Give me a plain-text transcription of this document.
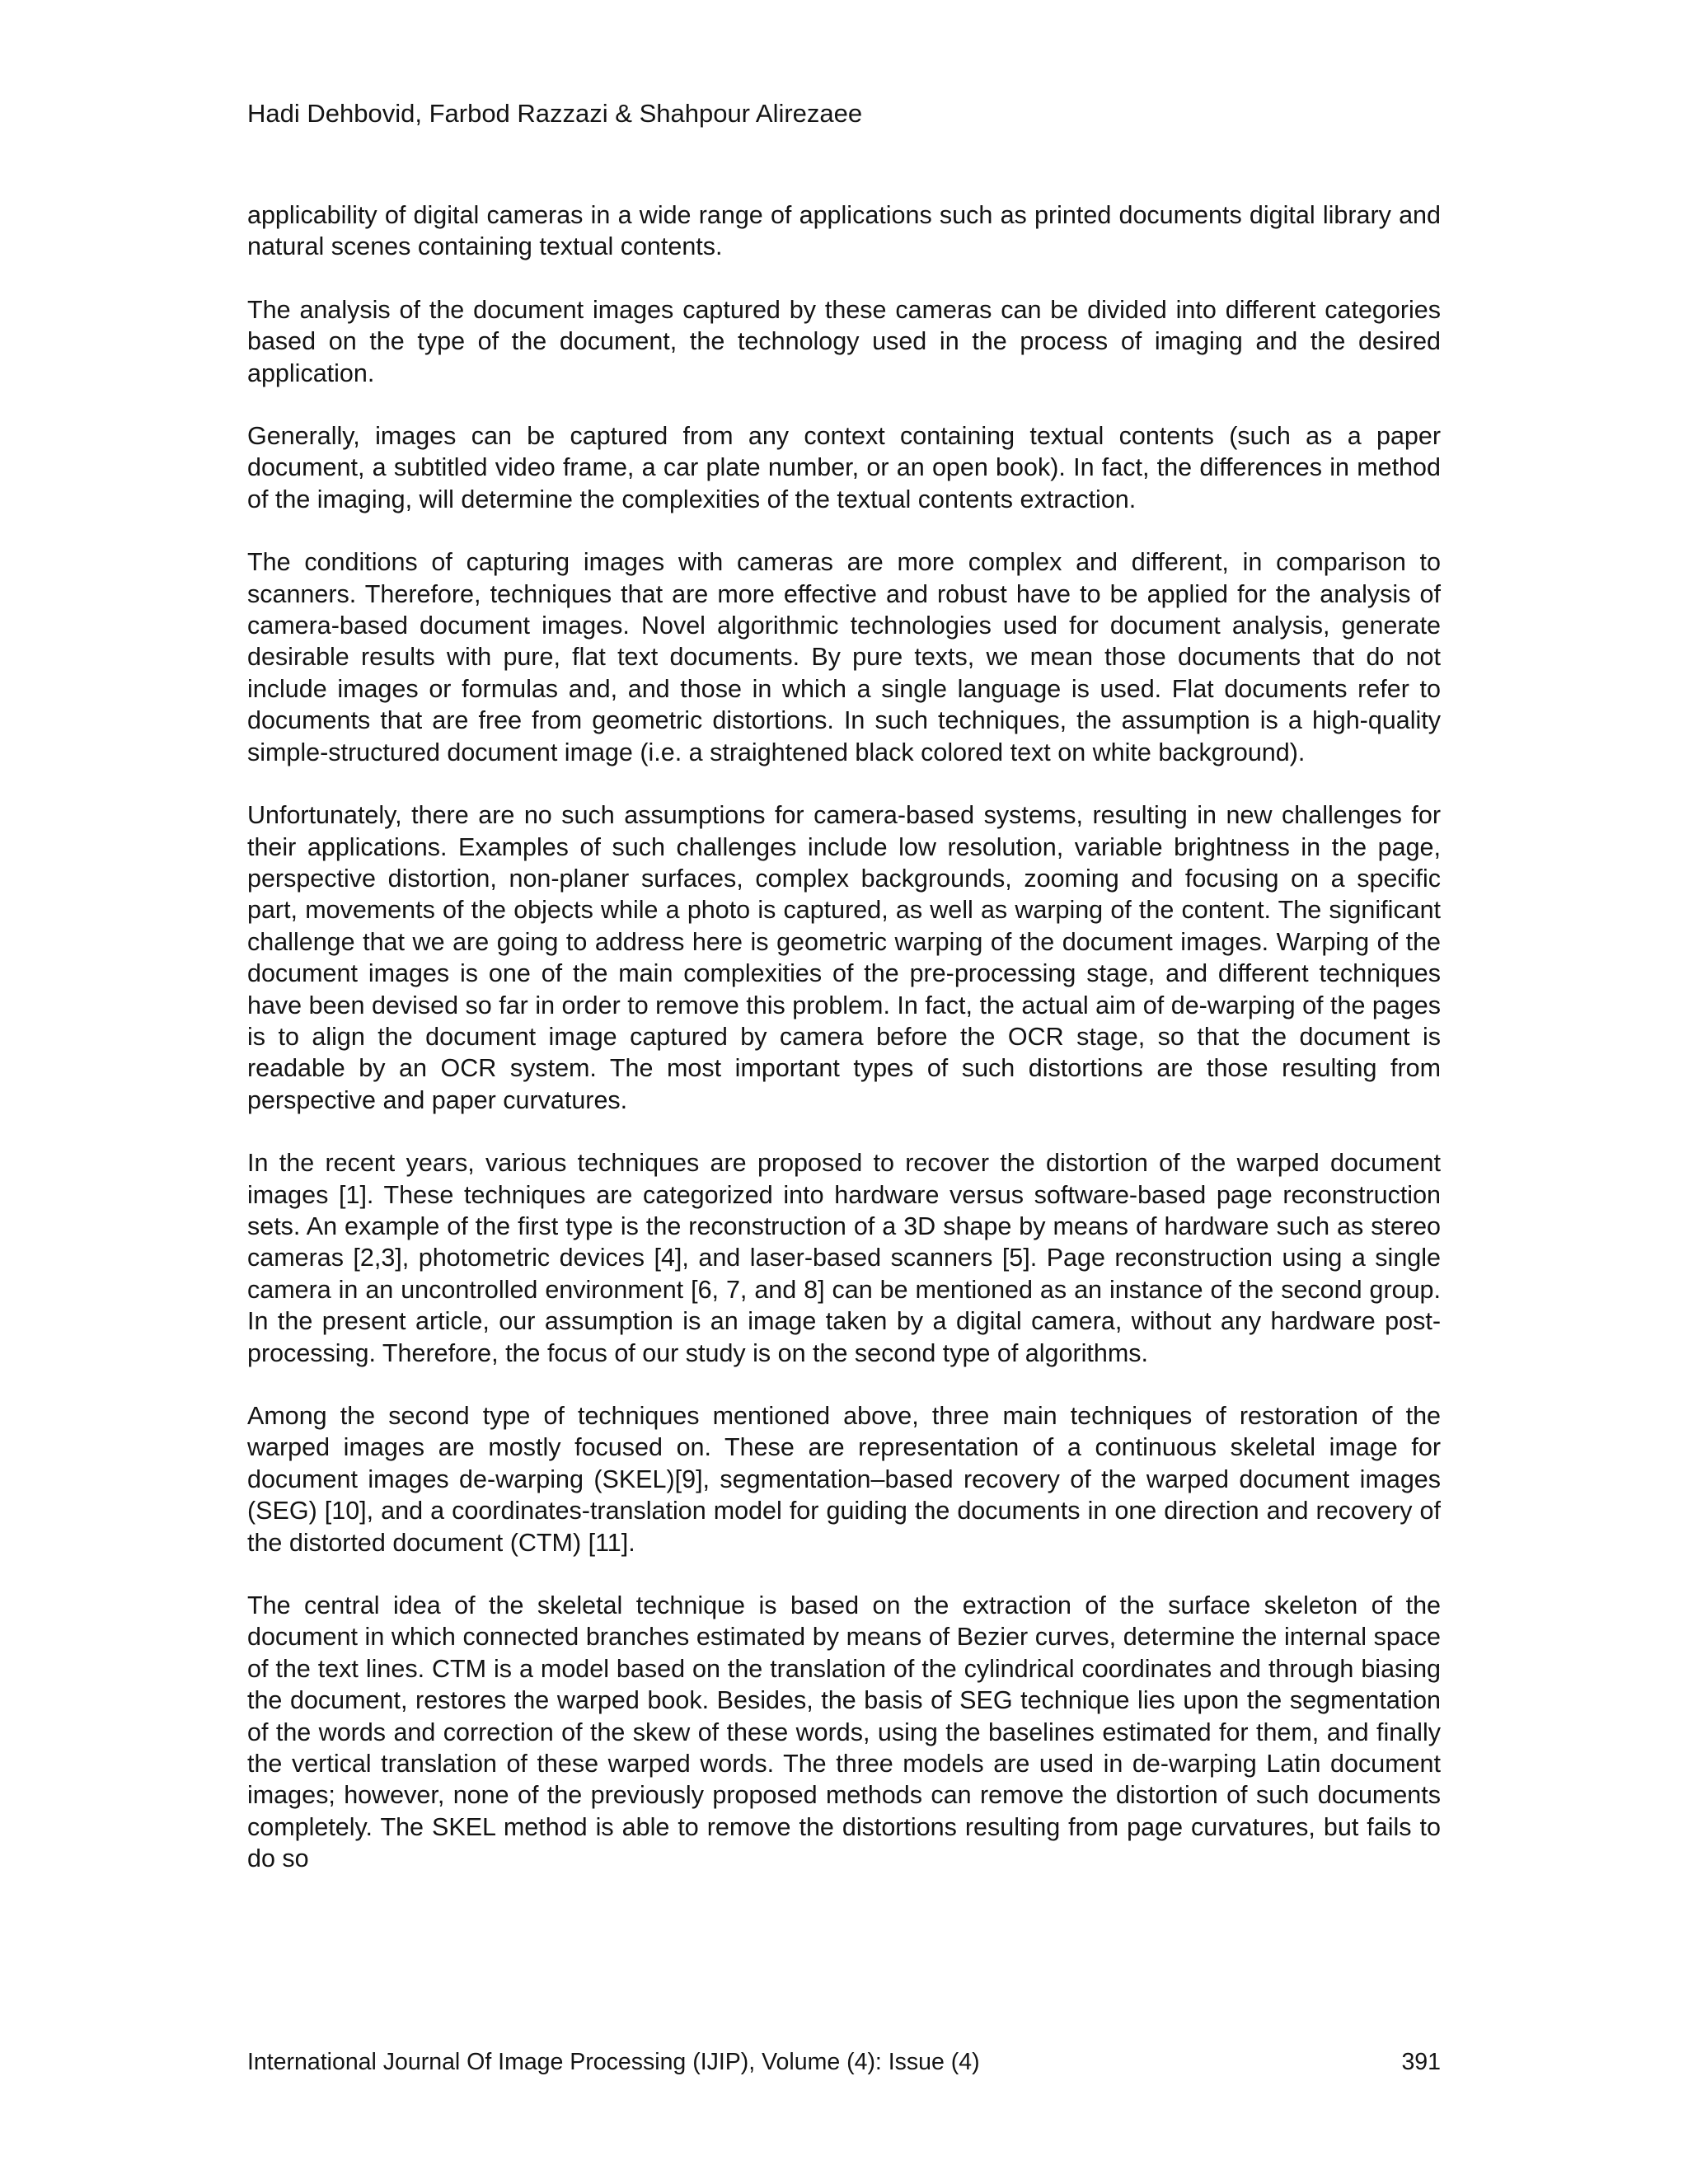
Hadi Dehbovid, Farbod Razzazi & Shahpour Alirezaee

applicability of digital cameras in a wide range of applications such as printed documents digital library and natural scenes containing textual contents.

The analysis of the document images captured by these cameras can be divided into different categories based on the type of the document, the technology used in the process of imaging and the desired application.

Generally, images can be captured from any context containing textual contents (such as a paper document, a subtitled video frame, a car plate number, or an open book). In fact, the differences in method of the imaging, will determine the complexities of the textual contents extraction.

The conditions of capturing images with cameras are more complex and different, in comparison to scanners. Therefore, techniques that are more effective and robust have to be applied for the analysis of camera-based document images. Novel algorithmic technologies used for document analysis, generate desirable results with pure, flat text documents. By pure texts, we mean those documents that do not include images or formulas and, and those in which a single language is used. Flat documents refer to documents that are free from geometric distortions. In such techniques, the assumption is a high-quality simple-structured document image (i.e. a straightened black colored text on white background).

Unfortunately, there are no such assumptions for camera-based systems, resulting in new challenges for their applications. Examples of such challenges include low resolution, variable brightness in the page, perspective distortion, non-planer surfaces, complex backgrounds, zooming and focusing on a specific part, movements of the objects while a photo is captured, as well as warping of the content. The significant challenge that we are going to address here is geometric warping of the document images. Warping of the document images is one of the main complexities of the pre-processing stage, and different techniques have been devised so far in order to remove this problem. In fact, the actual aim of de-warping of the pages is to align the document image captured by camera before the OCR stage, so that the document is readable by an OCR system. The most important types of such distortions are those resulting from perspective and paper curvatures.

In the recent years, various techniques are proposed to recover the distortion of the warped document images [1]. These techniques are categorized into hardware versus software-based page reconstruction sets. An example of the first type is the reconstruction of a 3D shape by means of hardware such as stereo cameras [2,3], photometric devices [4], and laser-based scanners [5]. Page reconstruction using a single camera in an uncontrolled environment [6, 7, and 8] can be mentioned as an instance of the second group. In the present article, our assumption is an image taken by a digital camera, without any hardware post-processing. Therefore, the focus of our study is on the second type of algorithms.

Among the second type of techniques mentioned above, three main techniques of restoration of the warped images are mostly focused on. These are representation of a continuous skeletal image for document images de-warping (SKEL)[9], segmentation–based recovery of the warped document images (SEG) [10], and a coordinates-translation model for guiding the documents in one direction and recovery of the distorted document (CTM) [11].

The central idea of the skeletal technique is based on the extraction of the surface skeleton of the document in which connected branches estimated by means of Bezier curves, determine the internal space of the text lines. CTM is a model based on the translation of the cylindrical coordinates and through biasing the document, restores the warped book. Besides, the basis of SEG technique lies upon the segmentation of the words and correction of the skew of these words, using the baselines estimated for them, and finally the vertical translation of these warped words. The three models are used in de-warping Latin document images; however, none of the previously proposed methods can remove the distortion of such documents completely. The SKEL method is able to remove the distortions resulting from page curvatures, but fails to do so

International Journal Of Image Processing (IJIP), Volume (4): Issue (4)	391
